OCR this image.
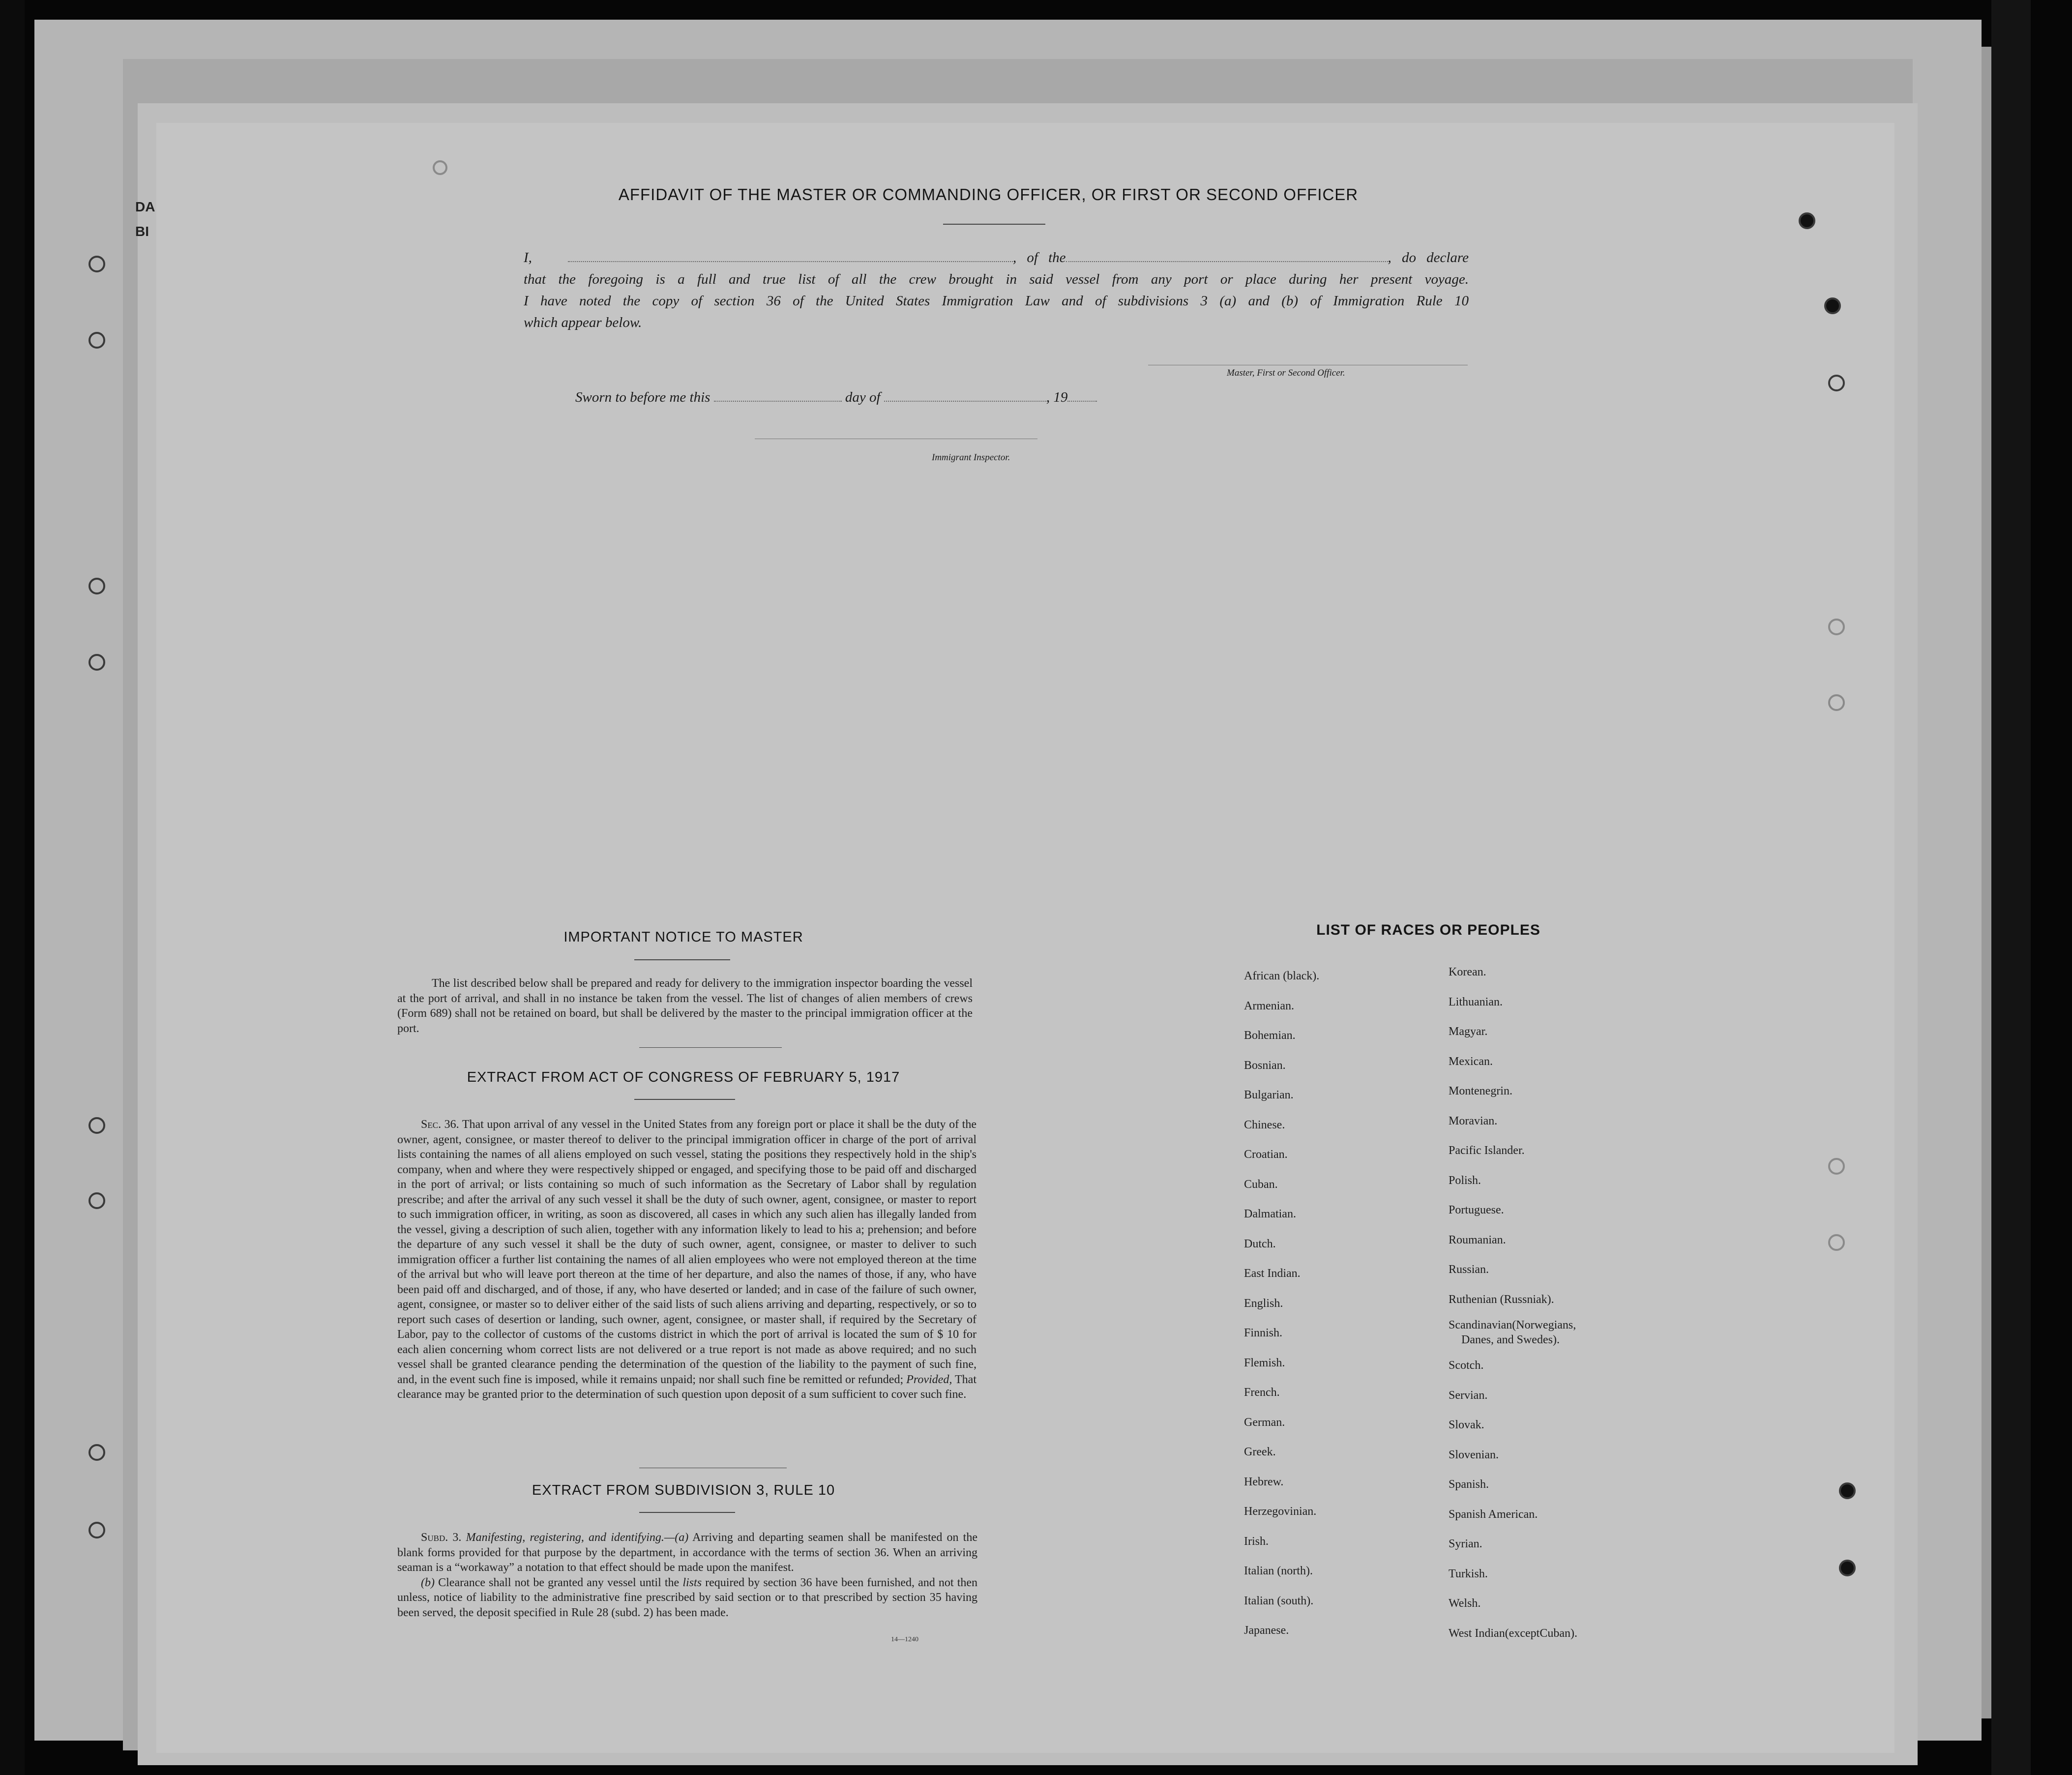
DA
BI
AFFIDAVIT OF THE MASTER OR COMMANDING OFFICER, OR FIRST OR SECOND OFFICER
I,	, of the	, do declare
that the foregoing is a full and true list of all the crew brought in said vessel from any port or place during her present voyage.
I have noted the copy of section 36 of the United States Immigration Law and of subdivisions 3 (a) and (b) of Immigration Rule 10
which appear below.
Master, First or Second Officer.
Sworn to before me this	day of	, 19
Immigrant Inspector.
IMPORTANT NOTICE TO MASTER
The list described below shall be prepared and ready for delivery to the immigration inspector boarding the vessel at the port of arrival, and shall in no instance be taken from the vessel. The list of changes of alien members of crews (Form 689) shall not be retained on board, but shall be delivered by the master to the principal immigration officer at the port.
EXTRACT FROM ACT OF CONGRESS OF FEBRUARY 5, 1917
Sec. 36. That upon arrival of any vessel in the United States from any foreign port or place it shall be the duty of the owner, agent, consignee, or master thereof to deliver to the principal immigration officer in charge of the port of arrival lists containing the names of all aliens employed on such vessel, stating the positions they respectively hold in the ship's company, when and where they were respectively shipped or engaged, and specifying those to be paid off and discharged in the port of arrival; or lists containing so much of such information as the Secretary of Labor shall by regulation prescribe; and after the arrival of any such vessel it shall be the duty of such owner, agent, consignee, or master to report to such immigration officer, in writing, as soon as discovered, all cases in which any such alien has illegally landed from the vessel, giving a description of such alien, together with any information likely to lead to his a; prehension; and before the departure of any such vessel it shall be the duty of such owner, agent, consignee, or master to deliver to such immigration officer a further list containing the names of all alien employees who were not employed thereon at the time of the arrival but who will leave port thereon at the time of her departure, and also the names of those, if any, who have been paid off and discharged, and of those, if any, who have deserted or landed; and in case of the failure of such owner, agent, consignee, or master so to deliver either of the said lists of such aliens arriving and departing, respectively, or so to report such cases of desertion or landing, such owner, agent, consignee, or master shall, if required by the Secretary of Labor, pay to the collector of customs of the customs district in which the port of arrival is located the sum of $ 10 for each alien concerning whom correct lists are not delivered or a true report is not made as above required; and no such vessel shall be granted clearance pending the determination of the question of the liability to the payment of such fine, and, in the event such fine is imposed, while it remains unpaid; nor shall such fine be remitted or refunded; Provided, That clearance may be granted prior to the determination of such question upon deposit of a sum sufficient to cover such fine.
EXTRACT FROM SUBDIVISION 3, RULE 10
Subd. 3. Manifesting, registering, and identifying.—(a) Arriving and departing seamen shall be manifested on the blank forms provided for that purpose by the department, in accordance with the terms of section 36. When an arriving seaman is a “workaway” a notation to that effect should be made upon the manifest.
(b) Clearance shall not be granted any vessel until the lists required by section 36 have been furnished, and not then unless, notice of liability to the administrative fine prescribed by said section or to that prescribed by section 35 having been served, the deposit specified in Rule 28 (subd. 2) has been made.
14—1240
LIST OF RACES OR PEOPLES
African (black).
Armenian.
Bohemian.
Bosnian.
Bulgarian.
Chinese.
Croatian.
Cuban.
Dalmatian.
Dutch.
East Indian.
English.
Finnish.
Flemish.
French.
German.
Greek.
Hebrew.
Herzegovinian.
Irish.
Italian (north).
Italian (south).
Japanese.
Korean.
Lithuanian.
Magyar.
Mexican.
Montenegrin.
Moravian.
Pacific Islander.
Polish.
Portuguese.
Roumanian.
Russian.
Ruthenian (Russniak).
Scandinavian(Norwegians,
Danes, and Swedes).
Scotch.
Servian.
Slovak.
Slovenian.
Spanish.
Spanish American.
Syrian.
Turkish.
Welsh.
West Indian(exceptCuban).
